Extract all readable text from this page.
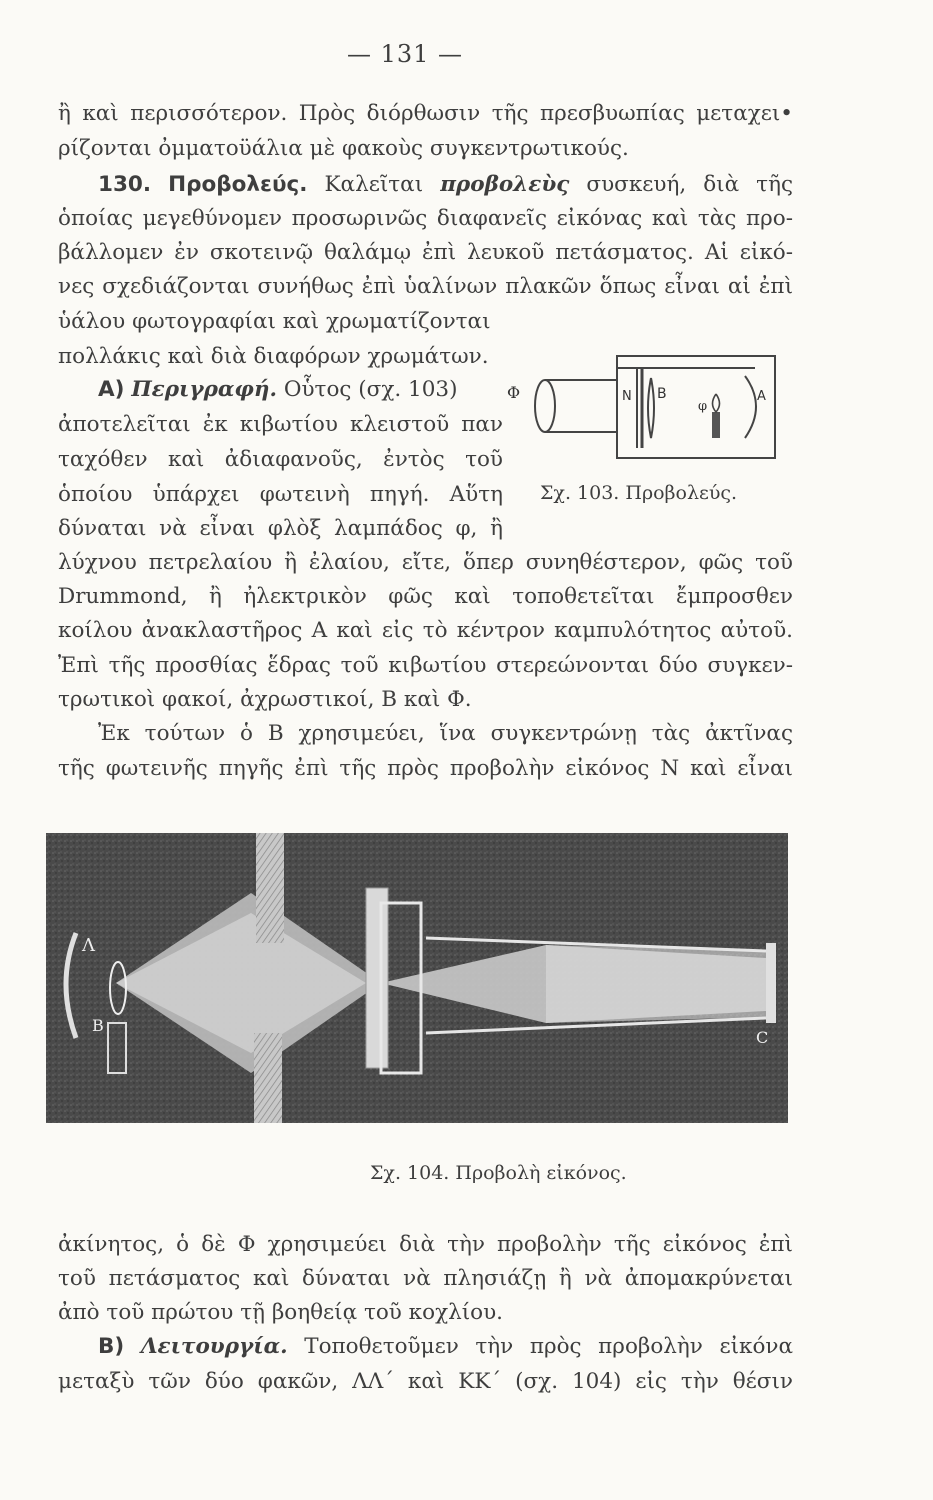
— 131 —
ἢ καὶ περισσότερον. Πρὸς διόρθωσιν τῆς πρεσβυωπίας μεταχει•
ρίζονται ὀμματοϋάλια μὲ φακοὺς συγκεντρωτικούς.
130. Προβολεύς. Καλεῖται προβολεὺς συσκευή, διὰ τῆς
ὁποίας μεγεθύνομεν προσωρινῶς διαφανεῖς εἰκόνας καὶ τὰς προ-
βάλλομεν ἐν σκοτεινῷ θαλάμῳ ἐπὶ λευκοῦ πετάσματος. Αἱ εἰκό-
νες σχεδιάζονται συνήθως ἐπὶ ὑαλίνων πλακῶν ὅπως εἶναι αἱ ἐπὶ
ὑάλου φωτογραφίαι καὶ χρωματίζονται
πολλάκις καὶ διὰ διαφόρων χρωμάτων.
Α) Περιγραφή. Οὗτος (σχ. 103)
ἀποτελεῖται ἐκ κιβωτίου κλειστοῦ παν
ταχόθεν καὶ ἀδιαφανοῦς, ἐντὸς τοῦ
ὁποίου ὑπάρχει φωτεινὴ πηγή. Αὕτη
δύναται νὰ εἶναι φλὸξ λαμπάδος φ, ἢ
λύχνου πετρελαίου ἢ ἐλαίου, εἴτε, ὅπερ συνηθέστερον, φῶς τοῦ
Drummond, ἢ ἠλεκτρικὸν φῶς καὶ τοποθετεῖται ἔμπροσθεν
κοίλου ἀνακλαστῆρος Α καὶ εἰς τὸ κέντρον καμπυλότητος αὐτοῦ.
Ἐπὶ τῆς προσθίας ἕδρας τοῦ κιβωτίου στερεώνονται δύο συγκεν-
τρωτικοὶ φακοί, ἀχρωστικοί, Β καὶ Φ.
Ἐκ τούτων ὁ Β χρησιμεύει, ἵνα συγκεντρώνῃ τὰς ἀκτῖνας
τῆς φωτεινῆς πηγῆς ἐπὶ τῆς πρὸς προβολὴν εἰκόνος Ν καὶ εἶναι
Φ	N B
φ
A
Σχ. 103. Προβολεύς.
Λ
Β
C
Σχ. 104. Προβολὴ εἰκόνος.
ἀκίνητος, ὁ δὲ Φ χρησιμεύει διὰ τὴν προβολὴν τῆς εἰκόνος ἐπὶ
τοῦ πετάσματος καὶ δύναται νὰ πλησιάζῃ ἢ νὰ ἀπομακρύνεται
ἀπὸ τοῦ πρώτου τῇ βοηθείᾳ τοῦ κοχλίου.
Β) Λειτουργία. Τοποθετοῦμεν τὴν πρὸς προβολὴν εἰκόνα
μεταξὺ τῶν δύο φακῶν, ΛΛ΄ καὶ ΚΚ΄ (σχ. 104) εἰς τὴν θέσιν
